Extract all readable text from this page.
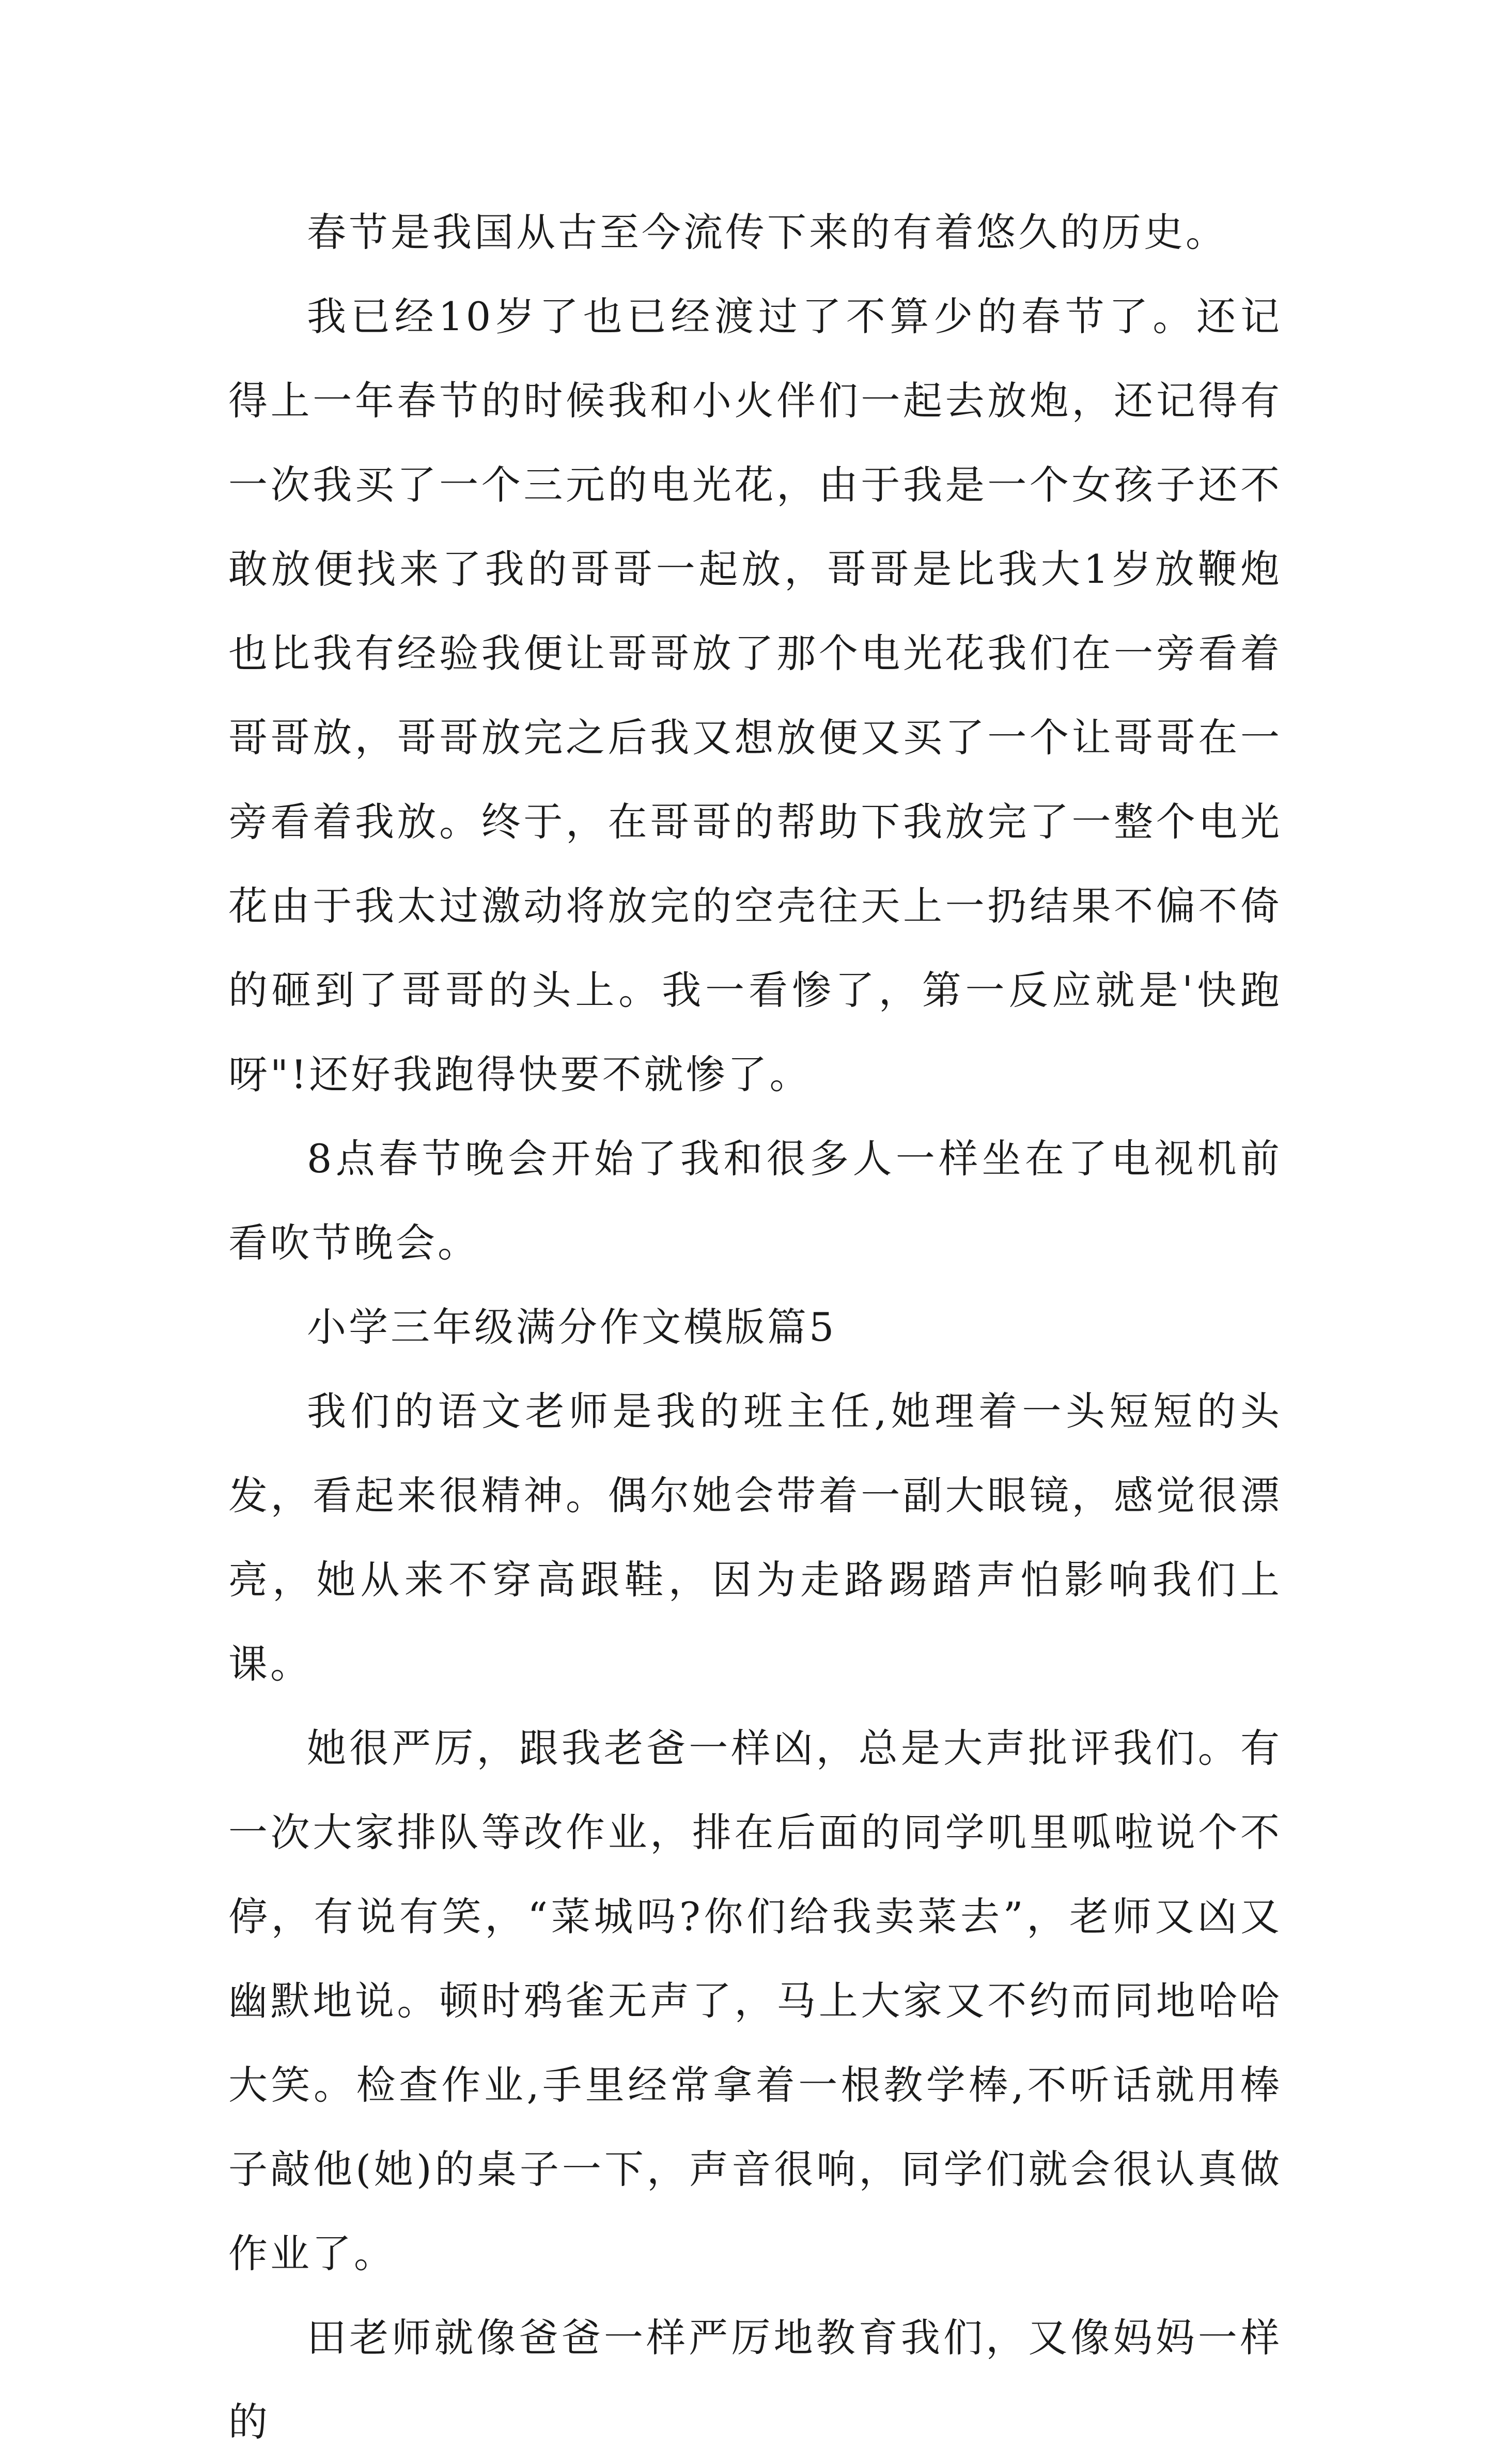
春节是我国从古至今流传下来的有着悠久的历史。

我已经10岁了也已经渡过了不算少的春节了。还记得上一年春节的时候我和小火伴们一起去放炮，还记得有一次我买了一个三元的电光花，由于我是一个女孩子还不敢放便找来了我的哥哥一起放，哥哥是比我大1岁放鞭炮也比我有经验我便让哥哥放了那个电光花我们在一旁看着哥哥放，哥哥放完之后我又想放便又买了一个让哥哥在一旁看着我放。终于，在哥哥的帮助下我放完了一整个电光花由于我太过激动将放完的空壳往天上一扔结果不偏不倚的砸到了哥哥的头上。我一看惨了，第一反应就是'快跑呀"!还好我跑得快要不就惨了。

8点春节晚会开始了我和很多人一样坐在了电视机前看吹节晚会。

小学三年级满分作文模版篇5

我们的语文老师是我的班主任,她理着一头短短的头发，看起来很精神。偶尔她会带着一副大眼镜，感觉很漂亮，她从来不穿高跟鞋，因为走路踢踏声怕影响我们上课。

她很严厉，跟我老爸一样凶，总是大声批评我们。有一次大家排队等改作业，排在后面的同学叽里呱啦说个不停，有说有笑，“菜城吗?你们给我卖菜去”，老师又凶又幽默地说。顿时鸦雀无声了，马上大家又不约而同地哈哈大笑。检查作业,手里经常拿着一根教学棒,不听话就用棒子敲他(她)的桌子一下，声音很响，同学们就会很认真做作业了。

田老师就像爸爸一样严厉地教育我们，又像妈妈一样的
